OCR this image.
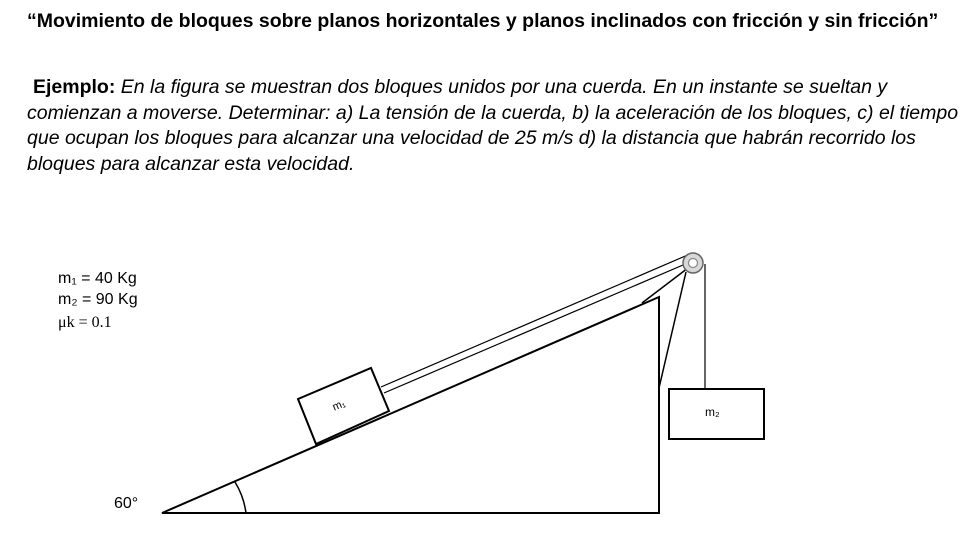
“Movimiento de bloques sobre planos horizontales y planos inclinados con fricción y sin fricción”

Ejemplo: En la figura se muestran dos bloques unidos por una cuerda. En un instante se sueltan y comienzan a moverse. Determinar: a) La tensión de la cuerda, b) la aceleración de los bloques, c) el tiempo que ocupan los bloques para alcanzar una velocidad de 25 m/s d) la distancia que habrán recorrido los bloques para alcanzar esta velocidad.

m₁	m₂
m₁ = 40 Kg
m₂ = 90 Kg
μk = 0.1
60°
